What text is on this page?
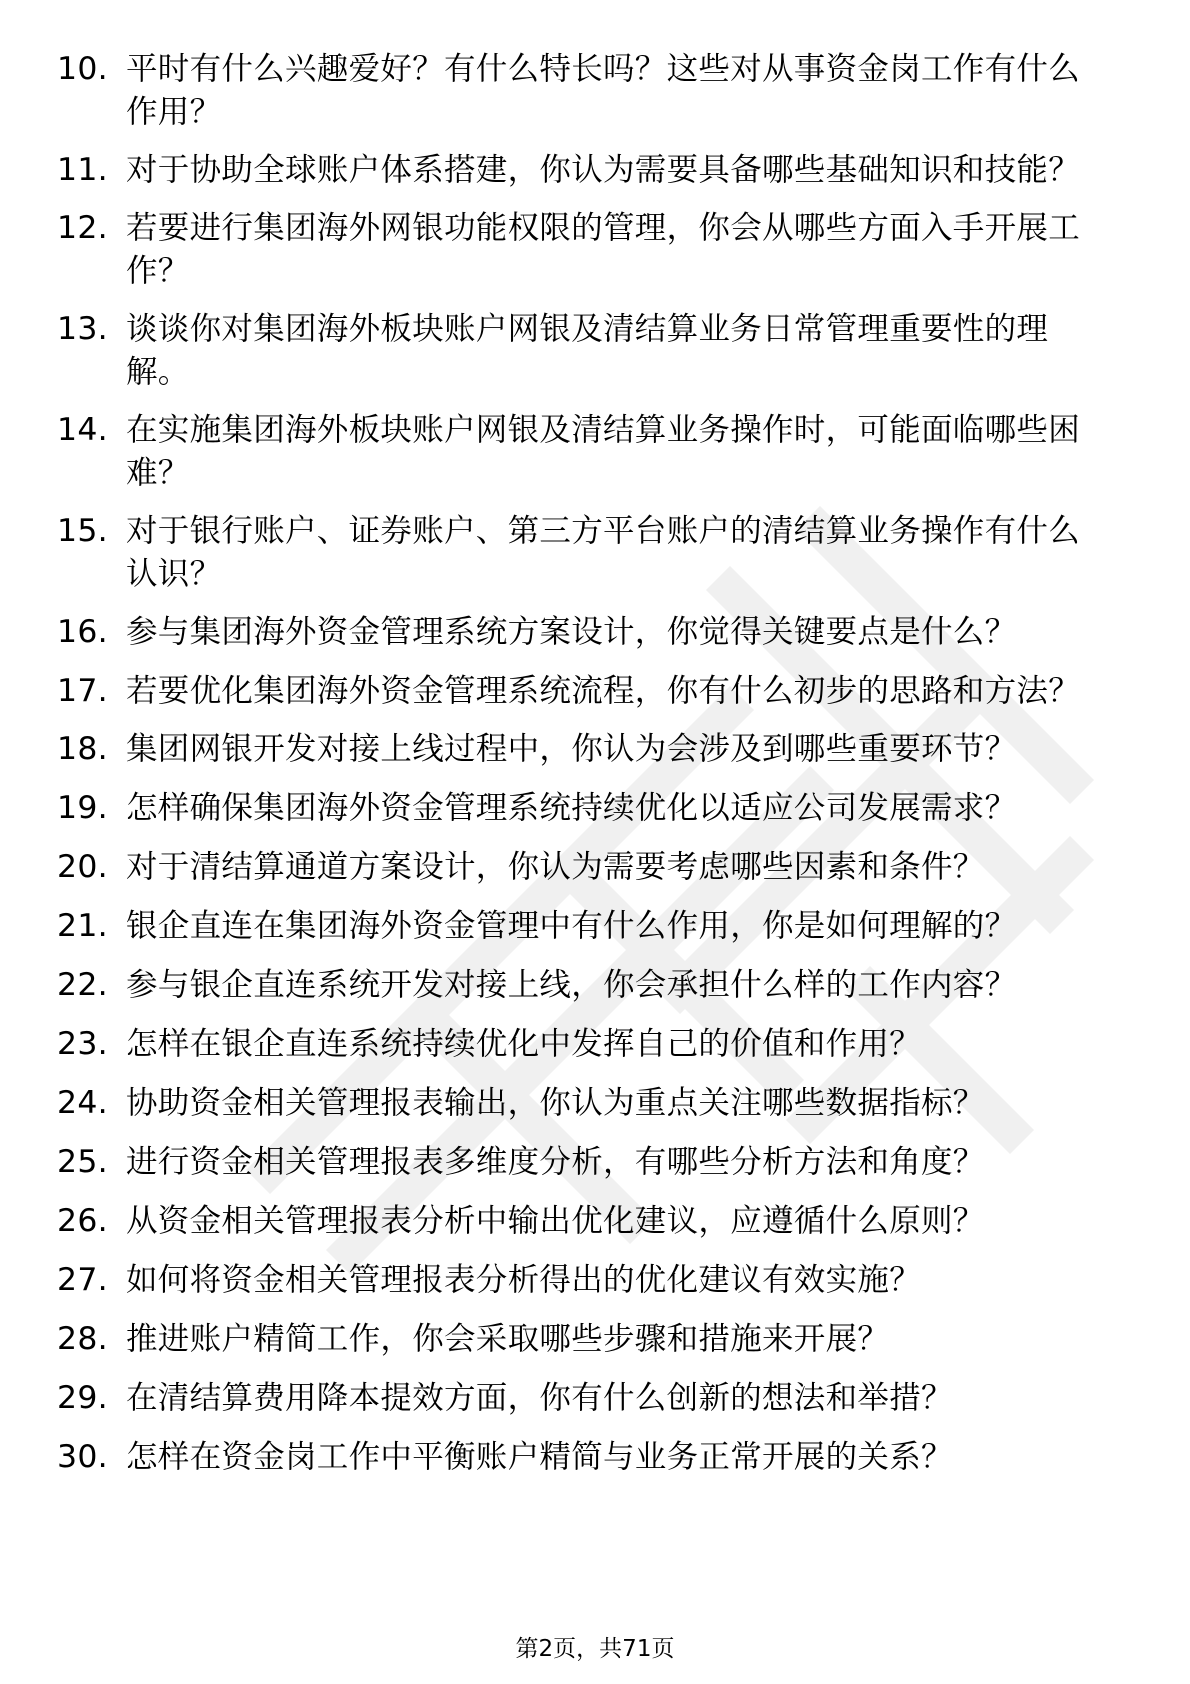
10. 平时有什么兴趣爱好？有什么特长吗？这些对从事资金岗工作有什么作用？
11. 对于协助全球账户体系搭建，你认为需要具备哪些基础知识和技能？
12. 若要进行集团海外网银功能权限的管理，你会从哪些方面入手开展工作？
13. 谈谈你对集团海外板块账户网银及清结算业务日常管理重要性的理解。
14. 在实施集团海外板块账户网银及清结算业务操作时，可能面临哪些困难？
15. 对于银行账户、证券账户、第三方平台账户的清结算业务操作有什么认识？
16. 参与集团海外资金管理系统方案设计，你觉得关键要点是什么？
17. 若要优化集团海外资金管理系统流程，你有什么初步的思路和方法？
18. 集团网银开发对接上线过程中，你认为会涉及到哪些重要环节？
19. 怎样确保集团海外资金管理系统持续优化以适应公司发展需求？
20. 对于清结算通道方案设计，你认为需要考虑哪些因素和条件？
21. 银企直连在集团海外资金管理中有什么作用，你是如何理解的？
22. 参与银企直连系统开发对接上线，你会承担什么样的工作内容？
23. 怎样在银企直连系统持续优化中发挥自己的价值和作用？
24. 协助资金相关管理报表输出，你认为重点关注哪些数据指标？
25. 进行资金相关管理报表多维度分析，有哪些分析方法和角度？
26. 从资金相关管理报表分析中输出优化建议，应遵循什么原则？
27. 如何将资金相关管理报表分析得出的优化建议有效实施？
28. 推进账户精简工作，你会采取哪些步骤和措施来开展？
29. 在清结算费用降本提效方面，你有什么创新的想法和举措？
30. 怎样在资金岗工作中平衡账户精简与业务正常开展的关系？
第2页，共71页
